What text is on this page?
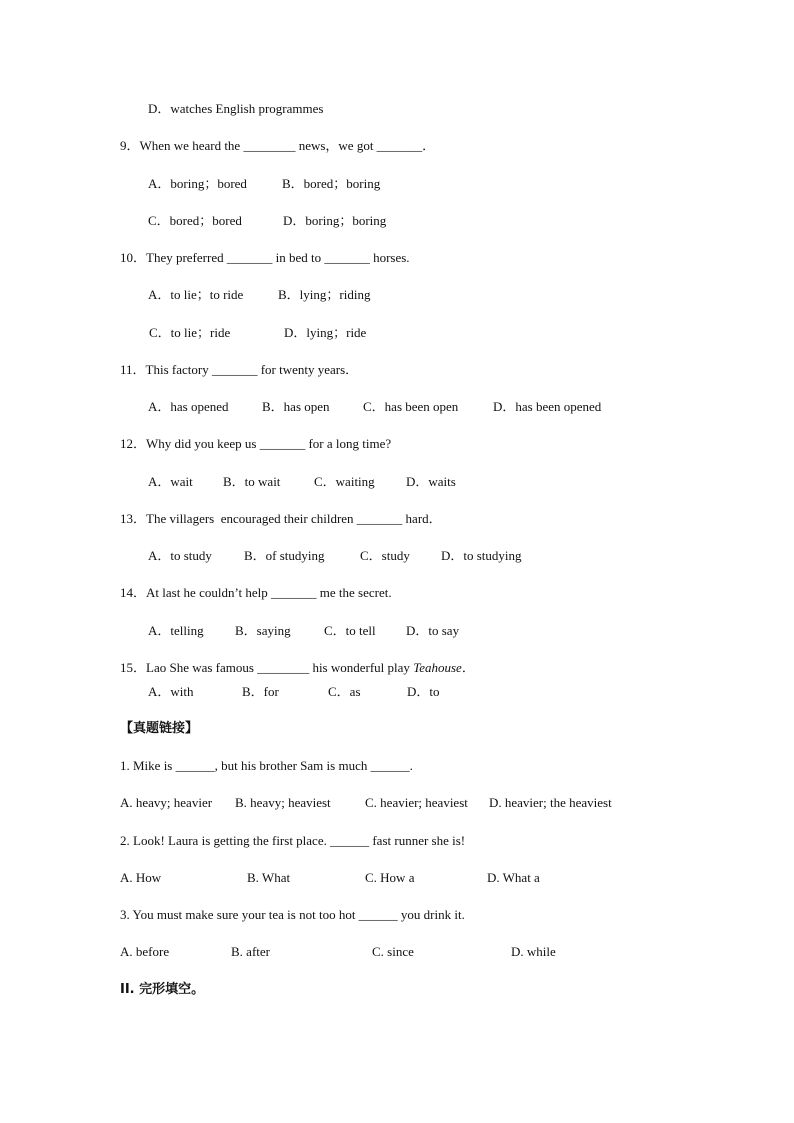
D．watches English programmes
9．When we heard the ________ news，we got _______．
A．boring；bored	B．bored；boring
C．bored；bored	D．boring；boring
10．They preferred _______ in bed to _______ horses.
A．to lie；to ride	B．lying；riding
C．to lie；ride	D．lying；ride
11．This factory _______ for twenty years．
A．has opened	B．has open	C．has been open	D．has been opened
12．Why did you keep us _______ for a long time?
A．wait B．to wait	C．waiting D．waits
13．The villagers  encouraged their children _______ hard．
A．to study B．of studying	C．study D．to studying
14．At last he couldn’t help _______ me the secret.
A．telling B．saying	C．to tell D．to say
15．Lao She was famous ________ his wonderful play Teahouse．
A．with	B．for	C．as	D．to
【真题链接】
1. Mike is ______, but his brother Sam is much ______.
A. heavy; heavier B. heavy; heaviest	C. heavier; heaviest D. heavier; the heaviest
2. Look! Laura is getting the first place. ______ fast runner she is!
A. How	B. What	C. How a	D. What a
3. You must make sure your tea is not too hot ______ you drink it.
A. before	B. after	C. since	D. while
II. 完形填空。
